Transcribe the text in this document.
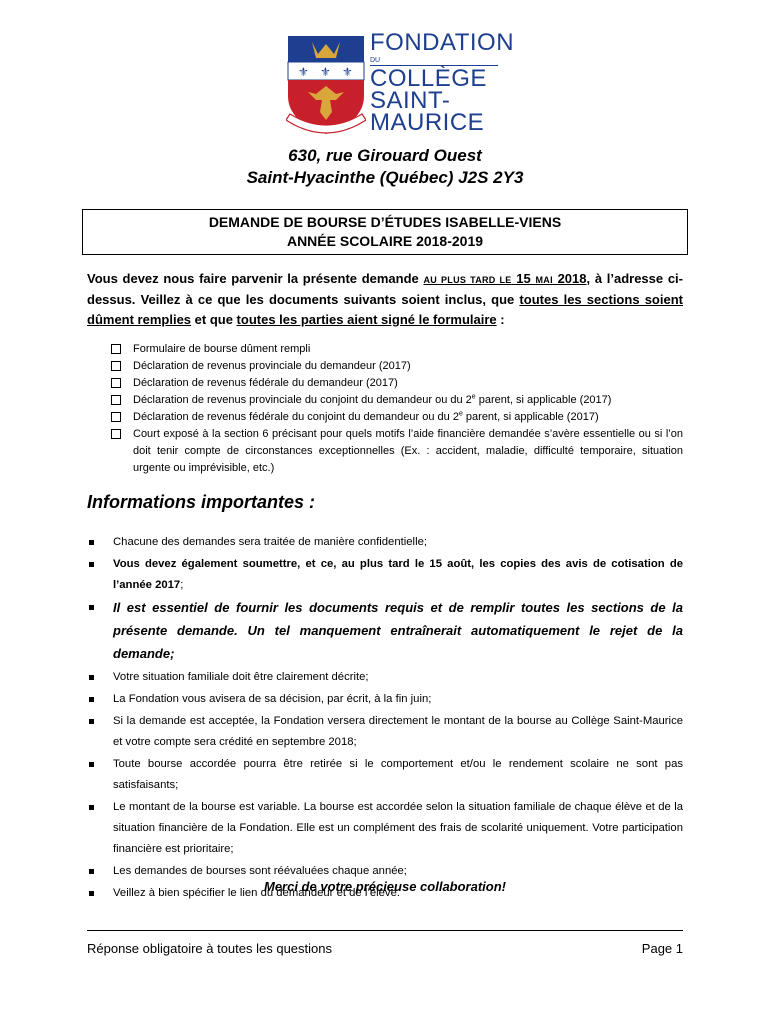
⚜ ⚜ ⚜
FONDATION
DU
COLLÈGE
SAINT-
MAURICE
630, rue Girouard Ouest
Saint-Hyacinthe (Québec) J2S 2Y3
DEMANDE DE BOURSE D’ÉTUDES ISABELLE-VIENS
ANNÉE SCOLAIRE 2018-2019
Vous devez nous faire parvenir la présente demande AU PLUS TARD LE 15 MAI 2018, à l’adresse ci-dessus. Veillez à ce que les documents suivants soient inclus, que toutes les sections soient dûment remplies et que toutes les parties aient signé le formulaire :
Formulaire de bourse dûment rempli
Déclaration de revenus provinciale du demandeur (2017)
Déclaration de revenus fédérale du demandeur (2017)
Déclaration de revenus provinciale du conjoint du demandeur ou du 2e parent, si applicable (2017)
Déclaration de revenus fédérale du conjoint du demandeur ou du 2e parent, si applicable (2017)
Court exposé à la section 6 précisant pour quels motifs l’aide financière demandée s’avère essentielle ou si l’on doit tenir compte de circonstances exceptionnelles (Ex. : accident, maladie, difficulté temporaire, situation urgente ou imprévisible, etc.)
Informations importantes :
Chacune des demandes sera traitée de manière confidentielle;
Vous devez également soumettre, et ce, au plus tard le 15 août, les copies des avis de cotisation de l’année 2017;
Il est essentiel de fournir les documents requis et de remplir toutes les sections de la présente demande. Un tel manquement entraînerait automatiquement le rejet de la demande;
Votre situation familiale doit être clairement décrite;
La Fondation vous avisera de sa décision, par écrit, à la fin juin;
Si la demande est acceptée, la Fondation versera directement le montant de la bourse au Collège Saint-Maurice et votre compte sera crédité en septembre 2018;
Toute bourse accordée pourra être retirée si le comportement et/ou le rendement scolaire ne sont pas satisfaisants;
Le montant de la bourse est variable. La bourse est accordée selon la situation familiale de chaque élève et de la situation financière de la Fondation. Elle est un complément des frais de scolarité uniquement. Votre participation financière est prioritaire;
Les demandes de bourses sont réévaluées chaque année;
Veillez à bien spécifier le lien du demandeur et de l’élève.
Merci de votre précieuse collaboration!
Réponse obligatoire à toutes les questions	Page 1
